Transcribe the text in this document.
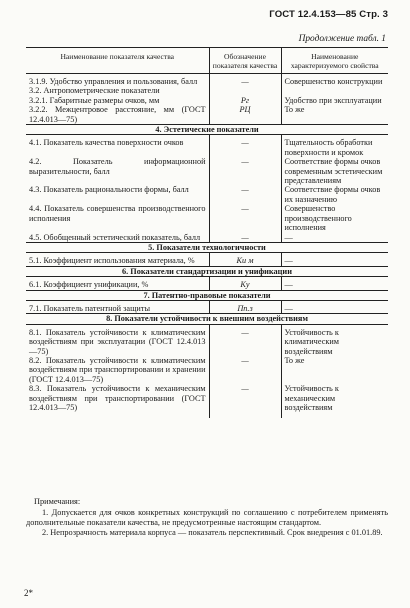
ГОСТ 12.4.153—85 Стр. 3
Продолжение табл. 1
Наименование показателя качества	Обозначение показателя качества	Наименование характеризуемого свойства
3.1.9. Удобство управления и пользования, балл	—	Совершенство конструкции
3.2. Антропометрические показатели		
3.2.1. Габаритные размеры очков, мм	Pг	Удобство при эксплуатации
3.2.2. Межцентровое расстояние, мм (ГОСТ 12.4.013—75)	РЦ	То же
4. Эстетические показатели		
4.1. Показатель качества поверхности очков	—	Тщательность обработки поверхности и кромок
4.2. Показатель информационной выразительности, балл	—	Соответствие формы очков современным эстетическим представлениям
4.3. Показатель рациональности формы, балл	—	Соответствие формы очков их назначению
4.4. Показатель совершенства производственного исполнения	—	Совершенство производственного исполнения
4.5. Обобщенный эстетический показатель, балл	—	—
5. Показатели технологичности		
5.1. Коэффициент использования материала, %	Kи м	—
6. Показатели стандартизации и унификации		
6.1. Коэффициент унификации, %	Kу	—
7. Патентно-правовые показатели		
7.1. Показатель патентной защиты	Пп.з	—
8. Показатели устойчивости к внешним воздействиям		
8.1. Показатель устойчивости к климатическим воздействиям при эксплуатации (ГОСТ 12.4.013—75)	—	Устойчивость к климатическим воздействиям
8.2. Показатель устойчивости к климатическим воздействиям при транспортировании и хранении (ГОСТ 12.4.013—75)	—	То же
8.3. Показатель устойчивости к механическим воздействиям при транспортировании (ГОСТ 12.4.013—75)	—	Устойчивость к механическим воздействиям

Примечания:

1. Допускается для очков конкретных конструкций по соглашению с потребителем применять дополнительные показатели качества, не предусмотренные настоящим стандартом.

2. Непрозрачность материала корпуса — показатель перспективный. Срок внедрения с 01.01.89.

2*
